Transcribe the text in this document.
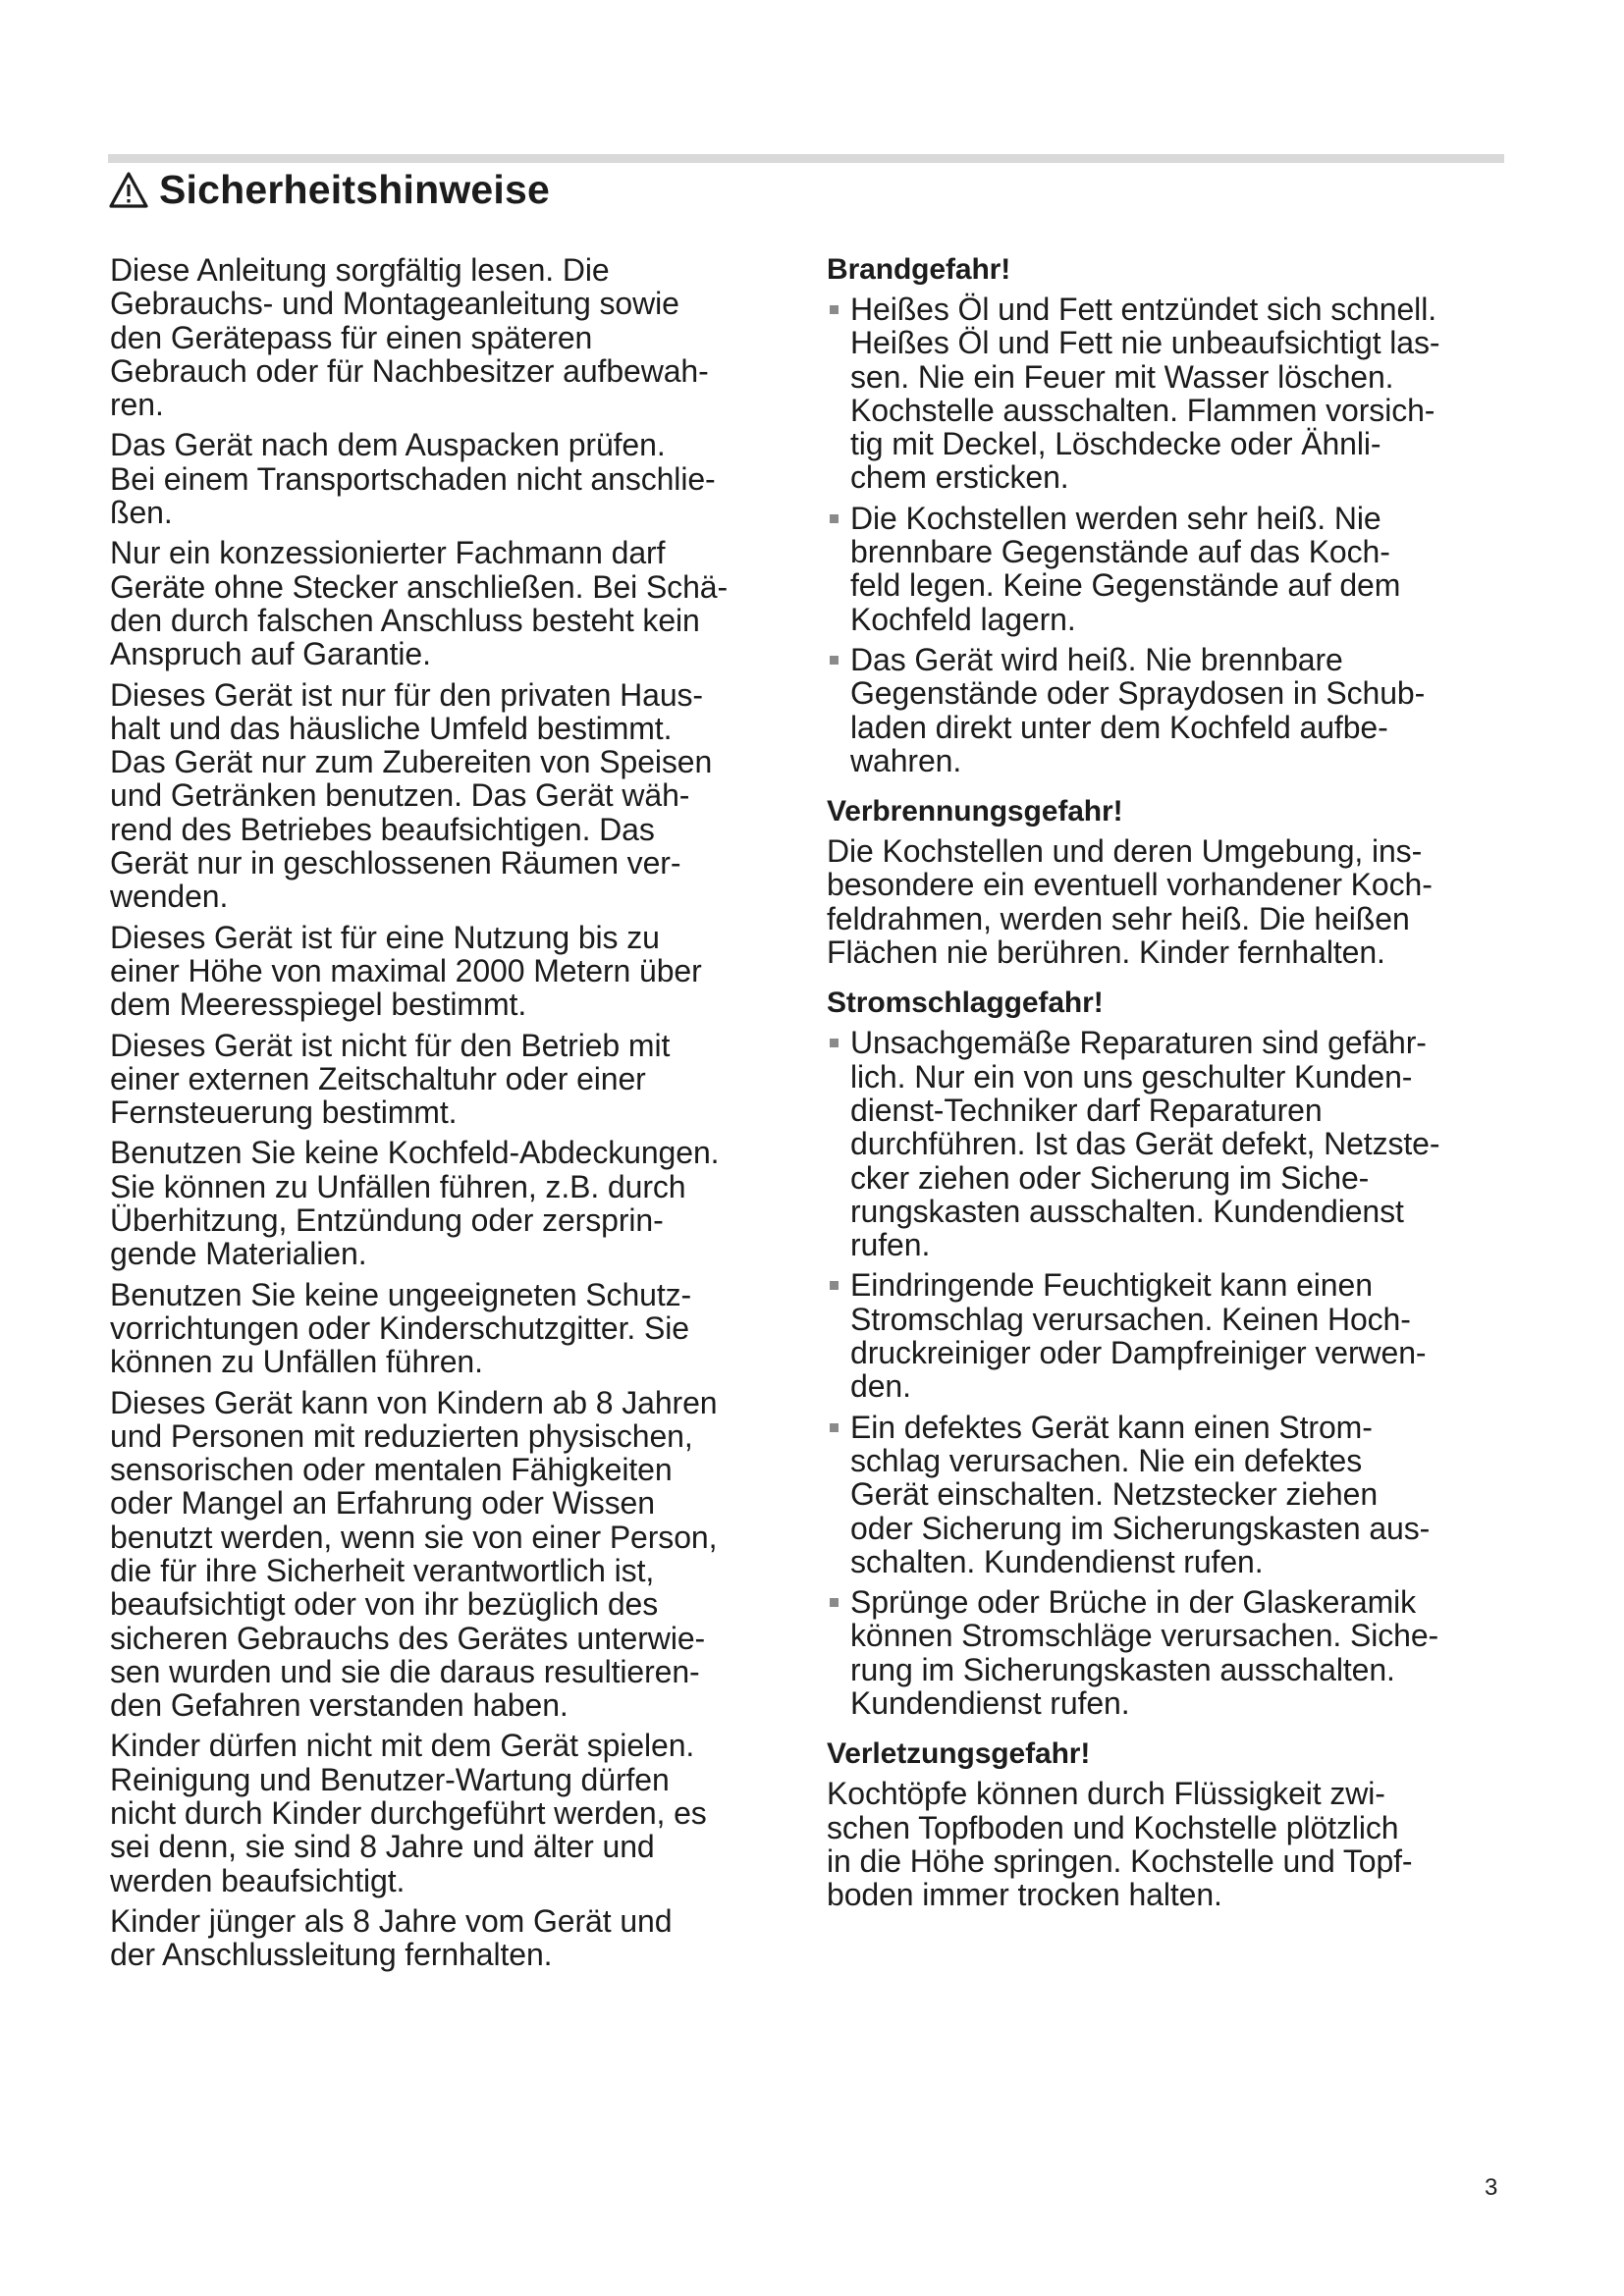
Sicherheitshinweise

Diese Anleitung sorgfältig lesen. Die
Gebrauchs- und Montageanleitung sowie
den Gerätepass für einen späteren
Gebrauch oder für Nachbesitzer aufbewah-
ren.

Das Gerät nach dem Auspacken prüfen.
Bei einem Transportschaden nicht anschlie-
ßen.

Nur ein konzessionierter Fachmann darf
Geräte ohne Stecker anschließen. Bei Schä-
den durch falschen Anschluss besteht kein
Anspruch auf Garantie.

Dieses Gerät ist nur für den privaten Haus-
halt und das häusliche Umfeld bestimmt.
Das Gerät nur zum Zubereiten von Speisen
und Getränken benutzen. Das Gerät wäh-
rend des Betriebes beaufsichtigen. Das
Gerät nur in geschlossenen Räumen ver-
wenden.

Dieses Gerät ist für eine Nutzung bis zu
einer Höhe von maximal 2000 Metern über
dem Meeresspiegel bestimmt.

Dieses Gerät ist nicht für den Betrieb mit
einer externen Zeitschaltuhr oder einer
Fernsteuerung bestimmt.

Benutzen Sie keine Kochfeld-Abdeckungen.
Sie können zu Unfällen führen, z.B. durch
Überhitzung, Entzündung oder zersprin-
gende Materialien.

Benutzen Sie keine ungeeigneten Schutz-
vorrichtungen oder Kinderschutzgitter. Sie
können zu Unfällen führen.

Dieses Gerät kann von Kindern ab 8 Jahren
und Personen mit reduzierten physischen,
sensorischen oder mentalen Fähigkeiten
oder Mangel an Erfahrung oder Wissen
benutzt werden, wenn sie von einer Person,
die für ihre Sicherheit verantwortlich ist,
beaufsichtigt oder von ihr bezüglich des
sicheren Gebrauchs des Gerätes unterwie-
sen wurden und sie die daraus resultieren-
den Gefahren verstanden haben.

Kinder dürfen nicht mit dem Gerät spielen.
Reinigung und Benutzer-Wartung dürfen
nicht durch Kinder durchgeführt werden, es
sei denn, sie sind 8 Jahre und älter und
werden beaufsichtigt.

Kinder jünger als 8 Jahre vom Gerät und
der Anschlussleitung fernhalten.

Brandgefahr!
Heißes Öl und Fett entzündet sich schnell.
Heißes Öl und Fett nie unbeaufsichtigt las-
sen. Nie ein Feuer mit Wasser löschen.
Kochstelle ausschalten. Flammen vorsich-
tig mit Deckel, Löschdecke oder Ähnli-
chem ersticken.
Die Kochstellen werden sehr heiß. Nie
brennbare Gegenstände auf das Koch-
feld legen. Keine Gegenstände auf dem
Kochfeld lagern.
Das Gerät wird heiß. Nie brennbare
Gegenstände oder Spraydosen in Schub-
laden direkt unter dem Kochfeld aufbe-
wahren.
Verbrennungsgefahr!

Die Kochstellen und deren Umgebung, ins-
besondere ein eventuell vorhandener Koch-
feldrahmen, werden sehr heiß. Die heißen
Flächen nie berühren. Kinder fernhalten.

Stromschlaggefahr!
Unsachgemäße Reparaturen sind gefähr-
lich. Nur ein von uns geschulter Kunden-
dienst-Techniker darf Reparaturen
durchführen. Ist das Gerät defekt, Netzste-
cker ziehen oder Sicherung im Siche-
rungskasten ausschalten. Kundendienst
rufen.
Eindringende Feuchtigkeit kann einen
Stromschlag verursachen. Keinen Hoch-
druckreiniger oder Dampfreiniger verwen-
den.
Ein defektes Gerät kann einen Strom-
schlag verursachen. Nie ein defektes
Gerät einschalten. Netzstecker ziehen
oder Sicherung im Sicherungskasten aus-
schalten. Kundendienst rufen.
Sprünge oder Brüche in der Glaskeramik
können Stromschläge verursachen. Siche-
rung im Sicherungskasten ausschalten.
Kundendienst rufen.
Verletzungsgefahr!

Kochtöpfe können durch Flüssigkeit zwi-
schen Topfboden und Kochstelle plötzlich
in die Höhe springen. Kochstelle und Topf-
boden immer trocken halten.

3
